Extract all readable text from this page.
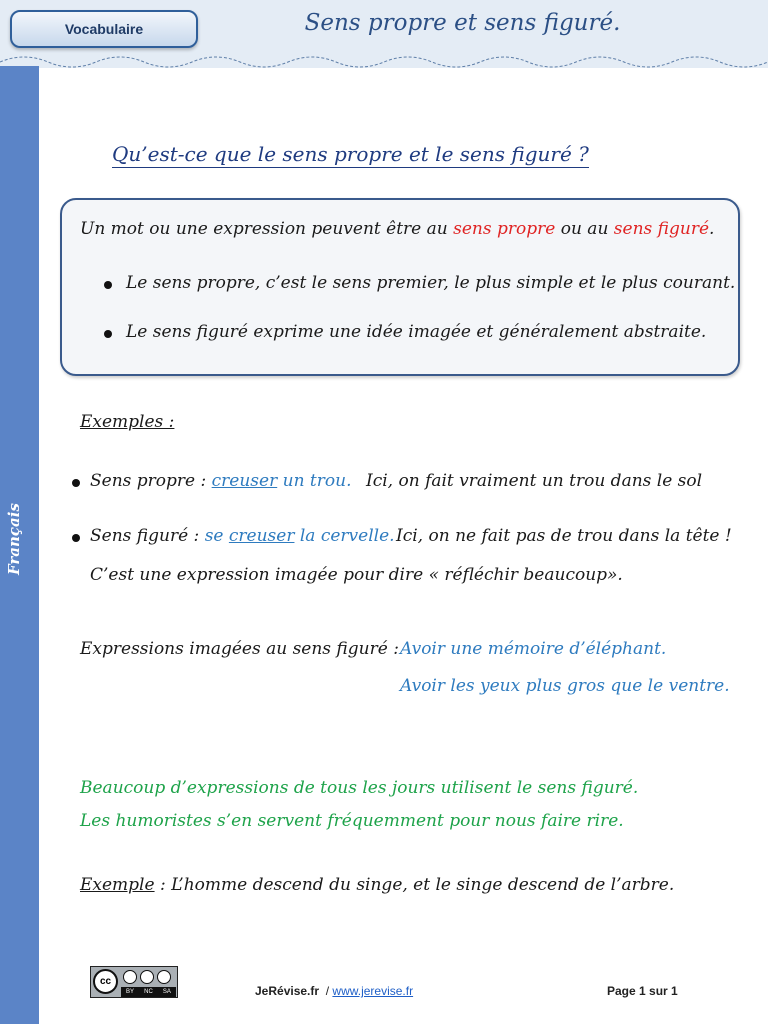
Vocabulaire	Sens propre et sens figuré.
Français
Qu’est-ce que le sens propre et le sens figuré ?
Un mot ou une expression peuvent être au sens propre ou au sens figuré.
Le sens propre, c’est le sens premier, le plus simple et le plus courant.
Le sens figuré exprime une idée imagée et généralement abstraite.
Exemples :
Sens propre : creuser un trou. Ici, on fait vraiment un trou dans le sol
Sens figuré : se creuser la cervelle. Ici, on ne fait pas de trou dans la tête !
C’est une expression imagée pour dire « réfléchir beaucoup».
Expressions imagées au sens figuré : Avoir une mémoire d’éléphant.
Avoir les yeux plus gros que le ventre.
Beaucoup d’expressions de tous les jours utilisent le sens figuré.
Les humoristes s’en servent fréquemment pour nous faire rire.
Exemple : L’homme descend du singe, et le singe descend de l’arbre.
cc
BY NC SA	JeRévise.fr / www.jerevise.fr	Page 1 sur 1
